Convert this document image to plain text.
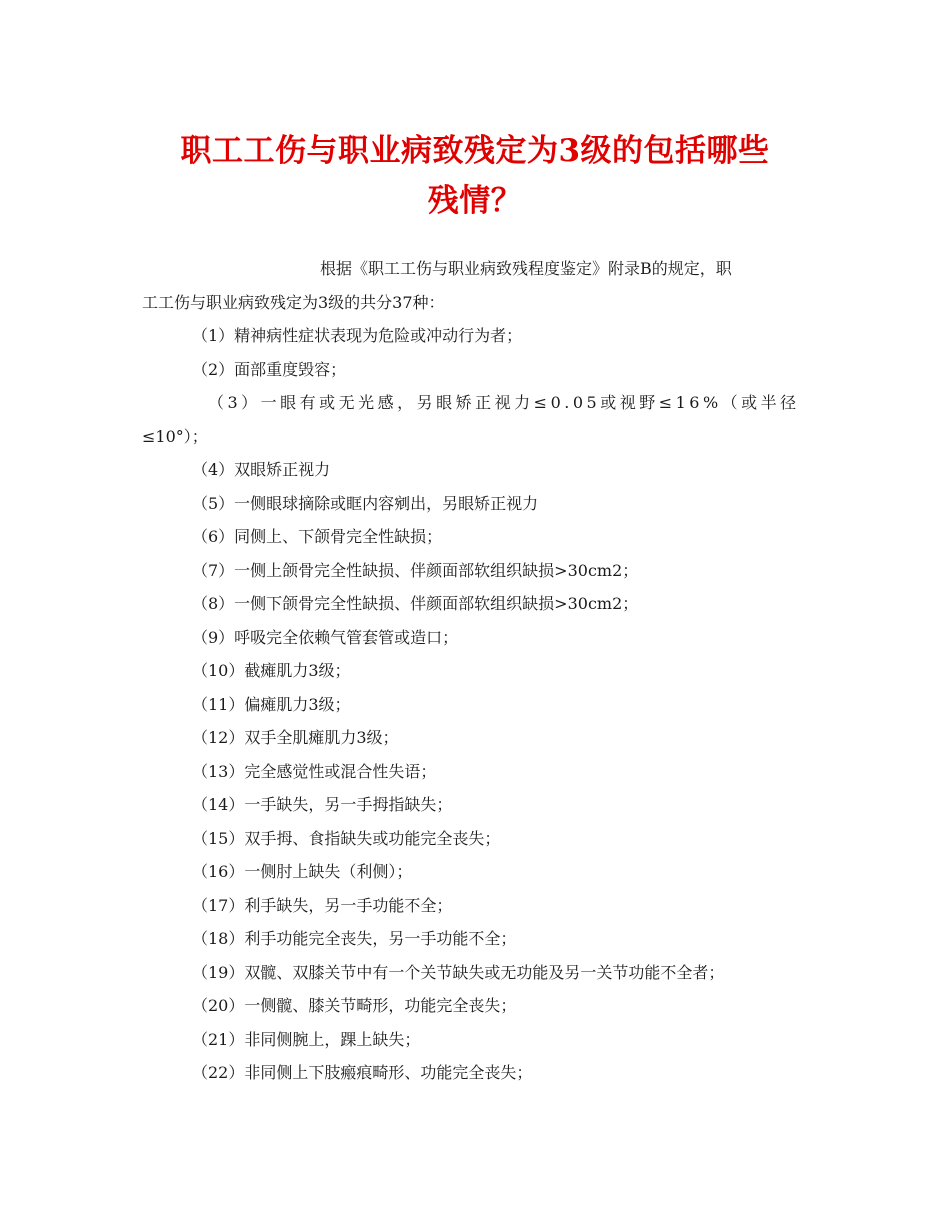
职工工伤与职业病致残定为3级的包括哪些
残情？
根据《职工工伤与职业病致残程度鉴定》附录B的规定，职
工工伤与职业病致残定为3级的共分37种：
（1）精神病性症状表现为危险或冲动行为者；
（2）面部重度毁容；
（3）一眼有或无光感，另眼矫正视力≤0.05或视野≤16%（或半径
≤10°）；
（4）双眼矫正视力
（5）一侧眼球摘除或眶内容剜出，另眼矫正视力
（6）同侧上、下颌骨完全性缺损；
（7）一侧上颌骨完全性缺损、伴颜面部软组织缺损>30cm2；
（8）一侧下颌骨完全性缺损、伴颜面部软组织缺损>30cm2；
（9）呼吸完全依赖气管套管或造口；
（10）截瘫肌力3级；
（11）偏瘫肌力3级；
（12）双手全肌瘫肌力3级；
（13）完全感觉性或混合性失语；
（14）一手缺失，另一手拇指缺失；
（15）双手拇、食指缺失或功能完全丧失；
（16）一侧肘上缺失（利侧）；
（17）利手缺失，另一手功能不全；
（18）利手功能完全丧失，另一手功能不全；
（19）双髋、双膝关节中有一个关节缺失或无功能及另一关节功能不全者；
（20）一侧髋、膝关节畸形，功能完全丧失；
（21）非同侧腕上，踝上缺失；
（22）非同侧上下肢瘢痕畸形、功能完全丧失；
